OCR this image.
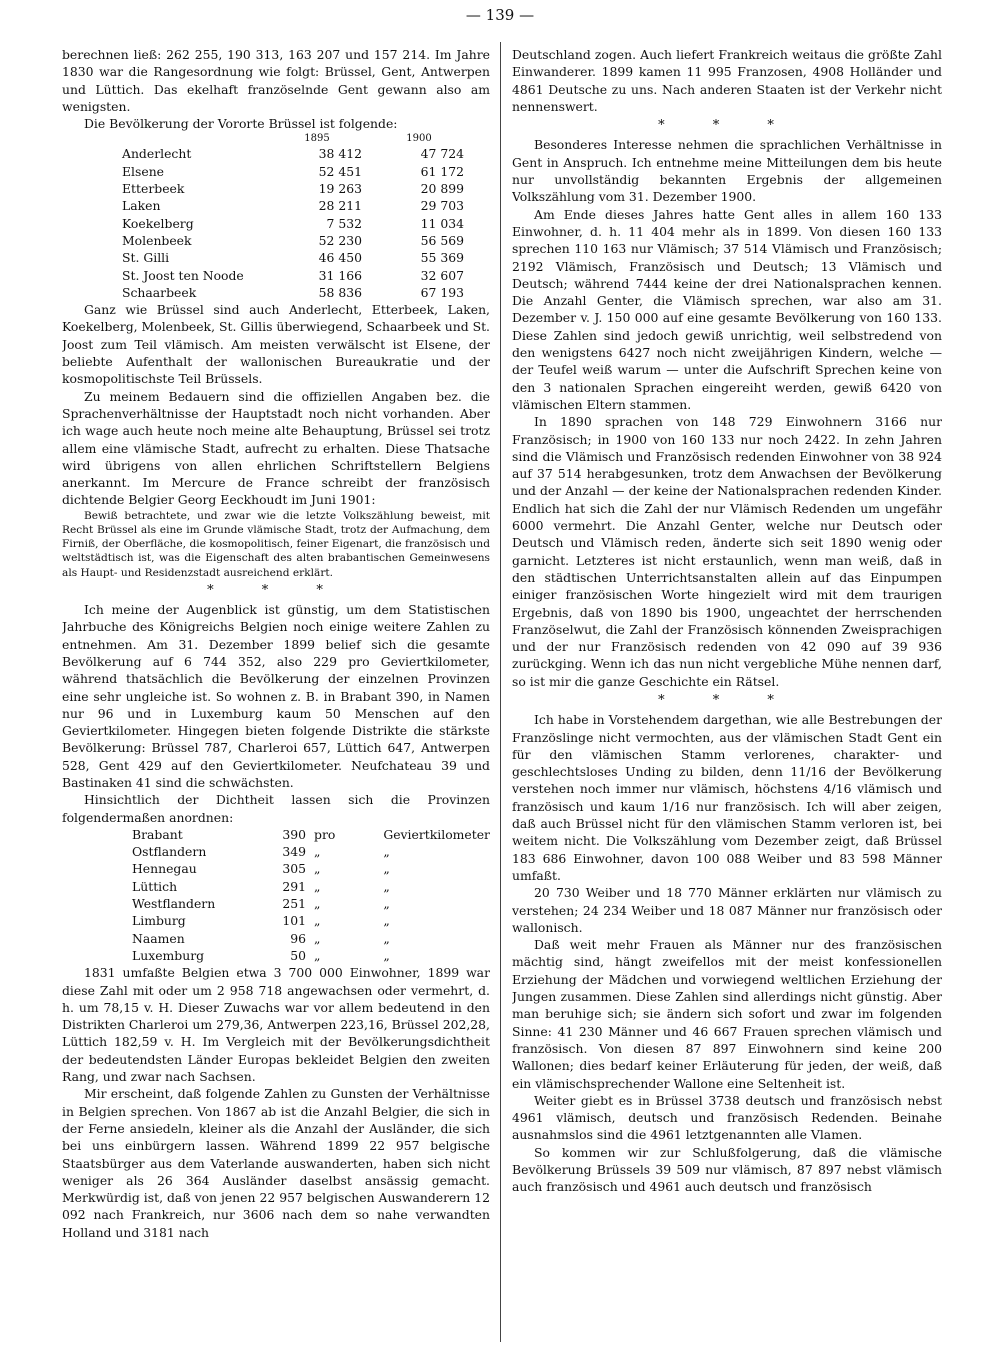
— 139 —

berechnen ließ: 262 255, 190 313, 163 207 und 157 214. Im Jahre 1830 war die Rangesordnung wie folgt: Brüssel, Gent, Antwerpen und Lüttich. Das ekelhaft französelnde Gent gewann also am wenigsten.

Die Bevölkerung der Vororte Brüssel ist folgende:

	1895	1900
Anderlecht	38 412	47 724
Elsene	52 451	61 172
Etterbeek	19 263	20 899
Laken	28 211	29 703
Koekelberg	7 532	11 034
Molenbeek	52 230	56 569
St. Gilli	46 450	55 369
St. Joost ten Noode	31 166	32 607
Schaarbeek	58 836	67 193

Ganz wie Brüssel sind auch Anderlecht, Etterbeek, Laken, Koekelberg, Molenbeek, St. Gillis überwiegend, Schaarbeek und St. Joost zum Teil vlämisch. Am meisten verwälscht ist Elsene, der beliebte Aufenthalt der wallonischen Bureaukratie und der kosmopolitischste Teil Brüssels.

Zu meinem Bedauern sind die offiziellen Angaben bez. die Sprachenverhältnisse der Hauptstadt noch nicht vorhanden. Aber ich wage auch heute noch meine alte Behauptung, Brüssel sei trotz allem eine vlämische Stadt, aufrecht zu erhalten. Diese Thatsache wird übrigens von allen ehrlichen Schriftstellern Belgiens anerkannt. Im Mercure de France schreibt der französisch dichtende Belgier Georg Eeckhoudt im Juni 1901:

Bewiß betrachtete, und zwar wie die letzte Volkszählung beweist, mit Recht Brüssel als eine im Grunde vlämische Stadt, trotz der Aufmachung, dem Firniß, der Oberfläche, die kosmopolitisch, feiner Eigenart, die französisch und weltstädtisch ist, was die Eigenschaft des alten brabantischen Gemeinwesens als Haupt- und Residenzstadt ausreichend erklärt.

* * *

Ich meine der Augenblick ist günstig, um dem Statistischen Jahrbuche des Königreichs Belgien noch einige weitere Zahlen zu entnehmen. Am 31. Dezember 1899 belief sich die gesamte Bevölkerung auf 6 744 352, also 229 pro Geviertkilometer, während thatsächlich die Bevölkerung der einzelnen Provinzen eine sehr ungleiche ist. So wohnen z. B. in Brabant 390, in Namen nur 96 und in Luxemburg kaum 50 Menschen auf den Geviertkilometer. Hingegen bieten folgende Distrikte die stärkste Bevölkerung: Brüssel 787, Charleroi 657, Lüttich 647, Antwerpen 528, Gent 429 auf den Geviertkilometer. Neufchateau 39 und Bastinaken 41 sind die schwächsten.

Hinsichtlich der Dichtheit lassen sich die Provinzen folgendermaßen anordnen:

Brabant	390	pro	Geviertkilometer
Ostflandern	349	„	„
Hennegau	305	„	„
Lüttich	291	„	„
Westflandern	251	„	„
Limburg	101	„	„
Naamen	96	„	„
Luxemburg	50	„	„

1831 umfaßte Belgien etwa 3 700 000 Einwohner, 1899 war diese Zahl mit oder um 2 958 718 angewachsen oder vermehrt, d. h. um 78,15 v. H. Dieser Zuwachs war vor allem bedeutend in den Distrikten Charleroi um 279,36, Antwerpen 223,16, Brüssel 202,28, Lüttich 182,59 v. H. Im Vergleich mit der Bevölkerungsdichtheit der bedeutendsten Länder Europas bekleidet Belgien den zweiten Rang, und zwar nach Sachsen.

Mir erscheint, daß folgende Zahlen zu Gunsten der Verhältnisse in Belgien sprechen. Von 1867 ab ist die Anzahl Belgier, die sich in der Ferne ansiedeln, kleiner als die Anzahl der Ausländer, die sich bei uns einbürgern lassen. Während 1899 22 957 belgische Staatsbürger aus dem Vaterlande auswanderten, haben sich nicht weniger als 26 364 Ausländer daselbst ansässig gemacht. Merkwürdig ist, daß von jenen 22 957 belgischen Auswanderern 12 092 nach Frankreich, nur 3606 nach dem so nahe verwandten Holland und 3181 nach

Deutschland zogen. Auch liefert Frankreich weitaus die größte Zahl Einwanderer. 1899 kamen 11 995 Franzosen, 4908 Holländer und 4861 Deutsche zu uns. Nach anderen Staaten ist der Verkehr nicht nennenswert.

* * *

Besonderes Interesse nehmen die sprachlichen Verhältnisse in Gent in Anspruch. Ich entnehme meine Mitteilungen dem bis heute nur unvollständig bekannten Ergebnis der allgemeinen Volkszählung vom 31. Dezember 1900.

Am Ende dieses Jahres hatte Gent alles in allem 160 133 Einwohner, d. h. 11 404 mehr als in 1899. Von diesen 160 133 sprechen 110 163 nur Vlämisch; 37 514 Vlämisch und Französisch; 2192 Vlämisch, Französisch und Deutsch; 13 Vlämisch und Deutsch; während 7444 keine der drei Nationalsprachen kennen. Die Anzahl Genter, die Vlämisch sprechen, war also am 31. Dezember v. J. 150 000 auf eine gesamte Bevölkerung von 160 133. Diese Zahlen sind jedoch gewiß unrichtig, weil selbstredend von den wenigstens 6427 noch nicht zweijährigen Kindern, welche — der Teufel weiß warum — unter die Aufschrift Sprechen keine von den 3 nationalen Sprachen eingereiht werden, gewiß 6420 von vlämischen Eltern stammen.

In 1890 sprachen von 148 729 Einwohnern 3166 nur Französisch; in 1900 von 160 133 nur noch 2422. In zehn Jahren sind die Vlämisch und Französisch redenden Einwohner von 38 924 auf 37 514 herabgesunken, trotz dem Anwachsen der Bevölkerung und der Anzahl — der keine der Nationalsprachen redenden Kinder. Endlich hat sich die Zahl der nur Vlämisch Redenden um ungefähr 6000 vermehrt. Die Anzahl Genter, welche nur Deutsch oder Deutsch und Vlämisch reden, änderte sich seit 1890 wenig oder garnicht. Letzteres ist nicht erstaunlich, wenn man weiß, daß in den städtischen Unterrichtsanstalten allein auf das Einpumpen einiger französischen Worte hingezielt wird mit dem traurigen Ergebnis, daß von 1890 bis 1900, ungeachtet der herrschenden Französelwut, die Zahl der Französisch könnenden Zweisprachigen und der nur Französisch redenden von 42 090 auf 39 936 zurückging. Wenn ich das nun nicht vergebliche Mühe nennen darf, so ist mir die ganze Geschichte ein Rätsel.

* * *

Ich habe in Vorstehendem dargethan, wie alle Bestrebungen der Französlinge nicht vermochten, aus der vlämischen Stadt Gent ein für den vlämischen Stamm verlorenes, charakter- und geschlechtsloses Unding zu bilden, denn 11/16 der Bevölkerung verstehen noch immer nur vlämisch, höchstens 4/16 vlämisch und französisch und kaum 1/16 nur französisch. Ich will aber zeigen, daß auch Brüssel nicht für den vlämischen Stamm verloren ist, bei weitem nicht. Die Volkszählung vom Dezember zeigt, daß Brüssel 183 686 Einwohner, davon 100 088 Weiber und 83 598 Männer umfaßt.

20 730 Weiber und 18 770 Männer erklärten nur vlämisch zu verstehen; 24 234 Weiber und 18 087 Männer nur französisch oder wallonisch.

Daß weit mehr Frauen als Männer nur des französischen mächtig sind, hängt zweifellos mit der meist konfessionellen Erziehung der Mädchen und vorwiegend weltlichen Erziehung der Jungen zusammen. Diese Zahlen sind allerdings nicht günstig. Aber man beruhige sich; sie ändern sich sofort und zwar im folgenden Sinne: 41 230 Männer und 46 667 Frauen sprechen vlämisch und französisch. Von diesen 87 897 Einwohnern sind keine 200 Wallonen; dies bedarf keiner Erläuterung für jeden, der weiß, daß ein vlämischsprechender Wallone eine Seltenheit ist.

Weiter giebt es in Brüssel 3738 deutsch und französisch nebst 4961 vlämisch, deutsch und französisch Redenden. Beinahe ausnahmslos sind die 4961 letztgenannten alle Vlamen.

So kommen wir zur Schlußfolgerung, daß die vlämische Bevölkerung Brüssels 39 509 nur vlämisch, 87 897 nebst vlämisch auch französisch und 4961 auch deutsch und französisch
